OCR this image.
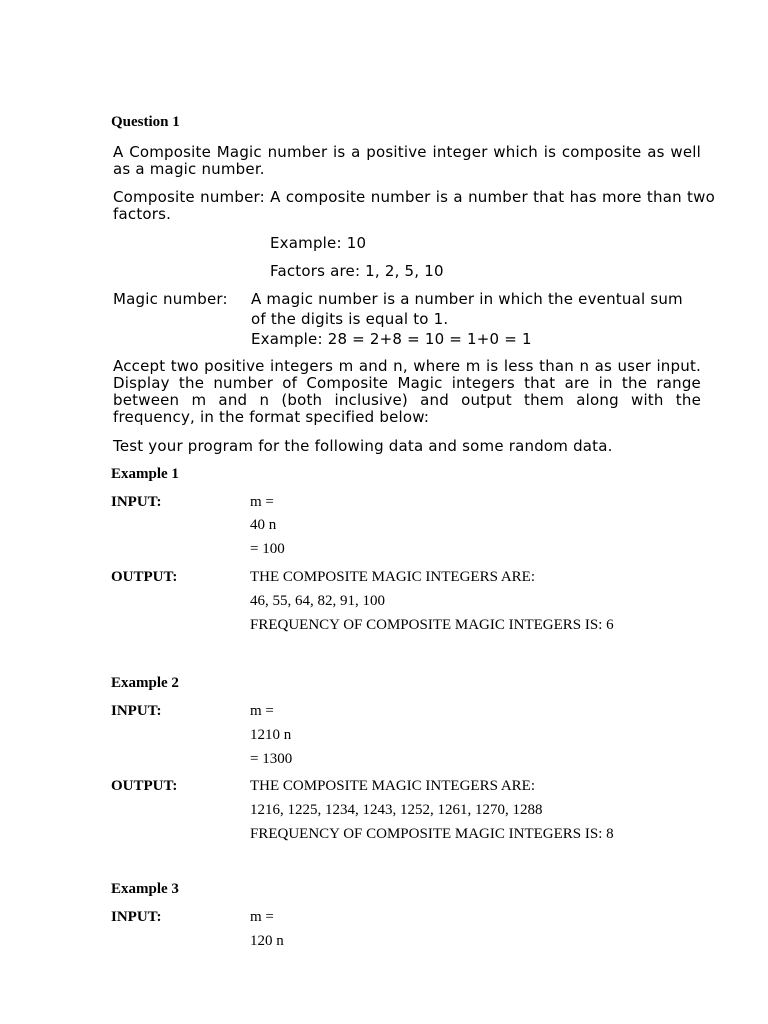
Question 1
A Composite Magic number is a positive integer which is composite as well as a magic number.
Composite number: A composite number is a number that has more than two factors.
Example: 10
Factors are: 1, 2, 5, 10
Magic number: A magic number is a number in which the eventual sum
of the digits is equal to 1.
Example: 28 = 2+8 = 10 = 1+0 = 1
Accept two positive integers m and n, where m is less than n as user input. Display the number of Composite Magic integers that are in the range between m and n (both inclusive) and output them along with the frequency, in the format specified below:
Test your program for the following data and some random data.
Example 1
INPUT:	m =
40 n
= 100
OUTPUT:	THE COMPOSITE MAGIC INTEGERS ARE:
46, 55, 64, 82, 91, 100
FREQUENCY OF COMPOSITE MAGIC INTEGERS IS: 6
Example 2
INPUT:	m =
1210 n
= 1300
OUTPUT:	THE COMPOSITE MAGIC INTEGERS ARE:
1216, 1225, 1234, 1243, 1252, 1261, 1270, 1288
FREQUENCY OF COMPOSITE MAGIC INTEGERS IS: 8
Example 3
INPUT:	m =
120 n
